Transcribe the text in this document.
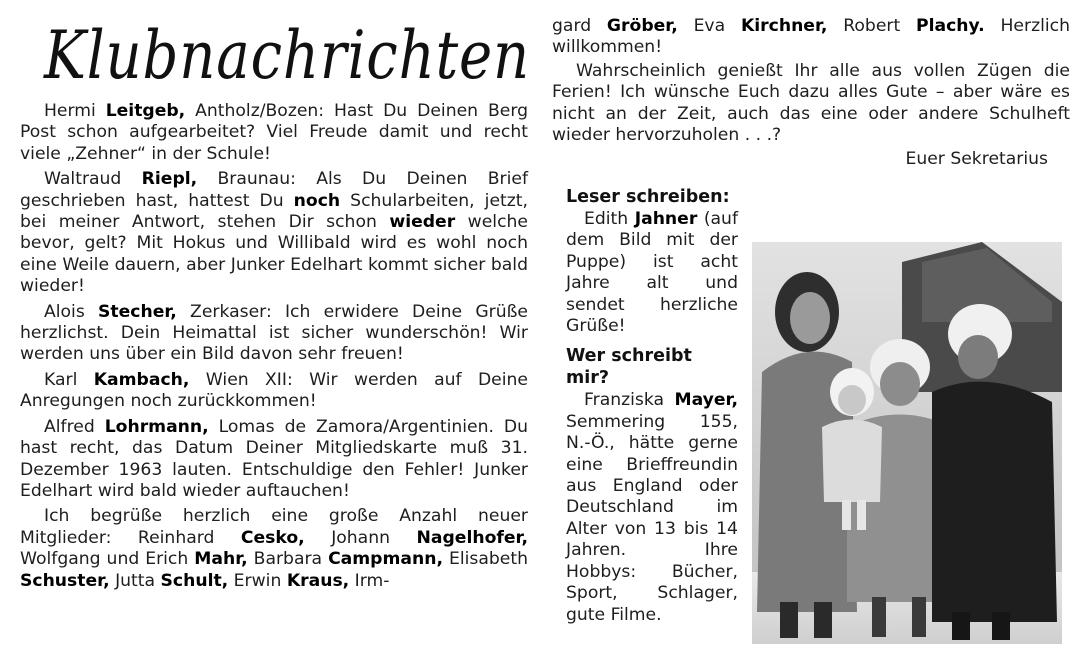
Klubnachrichten

Hermi Leitgeb, Antholz/Bozen: Hast Du Deinen Berg Post schon aufgearbeitet? Viel Freude damit und recht viele „Zehner“ in der Schule!

Waltraud Riepl, Braunau: Als Du Deinen Brief geschrieben hast, hattest Du noch Schularbeiten, jetzt, bei meiner Antwort, stehen Dir schon wieder welche bevor, gelt? Mit Hokus und Willibald wird es wohl noch eine Weile dauern, aber Junker Edelhart kommt sicher bald wieder!

Alois Stecher, Zerkaser: Ich erwidere Deine Grüße herzlichst. Dein Heimattal ist sicher wunderschön! Wir werden uns über ein Bild davon sehr freuen!

Karl Kambach, Wien XII: Wir werden auf Deine Anregungen noch zurückkommen!

Alfred Lohrmann, Lomas de Zamora/Argentinien. Du hast recht, das Datum Deiner Mitgliedskarte muß 31. Dezember 1963 lauten. Entschuldige den Fehler! Junker Edelhart wird bald wieder auftauchen!

Ich begrüße herzlich eine große Anzahl neuer Mitglieder: Reinhard Cesko, Johann Nagelhofer, Wolfgang und Erich Mahr, Barbara Campmann, Elisabeth Schuster, Jutta Schult, Erwin Kraus, Irm-

gard Gröber, Eva Kirchner, Robert Plachy. Herzlich willkommen!

Wahrscheinlich genießt Ihr alle aus vollen Zügen die Ferien! Ich wünsche Euch dazu alles Gute – aber wäre es nicht an der Zeit, auch das eine oder andere Schulheft wieder hervorzuholen . . .?

Euer Sekretarius

Leser schreiben:

Edith Jahner (auf dem Bild mit der Puppe) ist acht Jahre alt und sendet herzliche Grüße!

Wer schreibt mir?

Franziska Mayer, Semmering 155, N.-Ö., hätte gerne eine Brieffreundin aus England oder Deutschland im Alter von 13 bis 14 Jahren. Ihre Hobbys: Bücher, Sport, Schlager, gute Filme.
